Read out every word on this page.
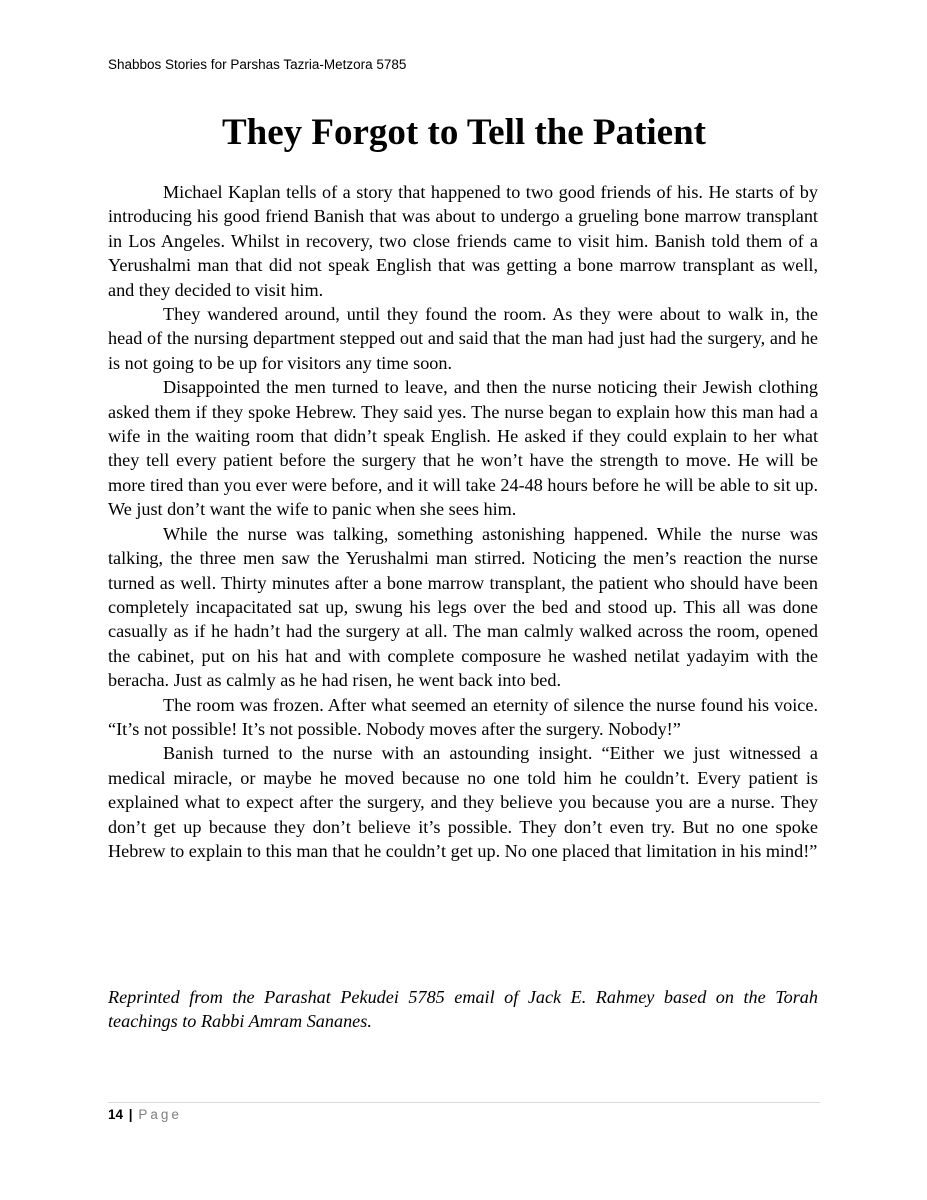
Shabbos Stories for Parshas Tazria-Metzora 5785
They Forgot to Tell the Patient

Michael Kaplan tells of a story that happened to two good friends of his. He starts of by introducing his good friend Banish that was about to undergo a grueling bone marrow transplant in Los Angeles. Whilst in recovery, two close friends came to visit him. Banish told them of a Yerushalmi man that did not speak English that was getting a bone marrow transplant as well, and they decided to visit him.

They wandered around, until they found the room. As they were about to walk in, the head of the nursing department stepped out and said that the man had just had the surgery, and he is not going to be up for visitors any time soon.

Disappointed the men turned to leave, and then the nurse noticing their Jewish clothing asked them if they spoke Hebrew. They said yes. The nurse began to explain how this man had a wife in the waiting room that didn’t speak English. He asked if they could explain to her what they tell every patient before the surgery that he won’t have the strength to move. He will be more tired than you ever were before, and it will take 24-48 hours before he will be able to sit up. We just don’t want the wife to panic when she sees him.

While the nurse was talking, something astonishing happened. While the nurse was talking, the three men saw the Yerushalmi man stirred. Noticing the men’s reaction the nurse turned as well. Thirty minutes after a bone marrow transplant, the patient who should have been completely incapacitated sat up, swung his legs over the bed and stood up. This all was done casually as if he hadn’t had the surgery at all. The man calmly walked across the room, opened the cabinet, put on his hat and with complete composure he washed netilat yadayim with the beracha. Just as calmly as he had risen, he went back into bed.

The room was frozen. After what seemed an eternity of silence the nurse found his voice. “It’s not possible! It’s not possible. Nobody moves after the surgery. Nobody!”

Banish turned to the nurse with an astounding insight. “Either we just witnessed a medical miracle, or maybe he moved because no one told him he couldn’t. Every patient is explained what to expect after the surgery, and they believe you because you are a nurse. They don’t get up because they don’t believe it’s possible. They don’t even try. But no one spoke Hebrew to explain to this man that he couldn’t get up. No one placed that limitation in his mind!”

Reprinted from the Parashat Pekudei 5785 email of Jack E. Rahmey based on the Torah teachings to Rabbi Amram Sananes.

14 | Page
